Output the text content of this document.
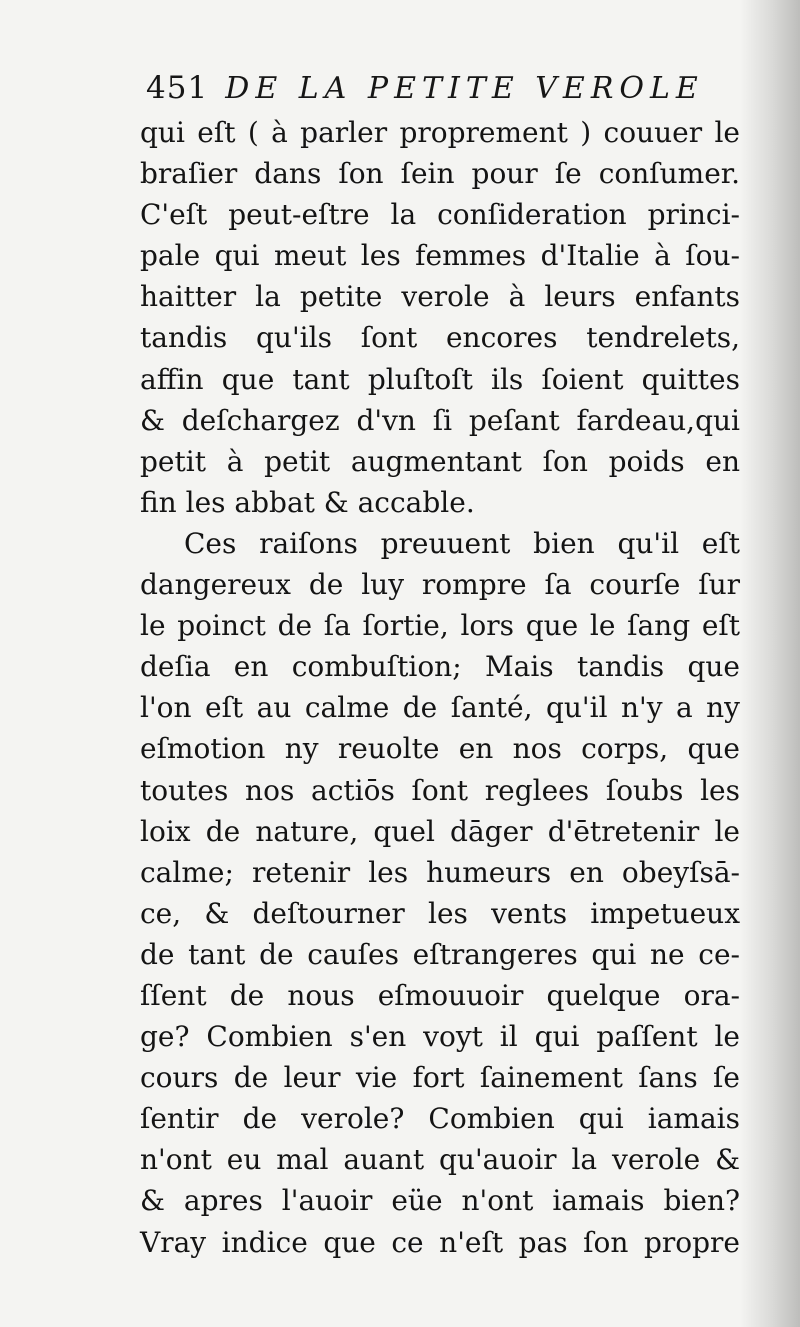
451 DE LA PETITE VEROLE
qui eſt ( à parler proprement ) couuer le
braſier dans ſon ſein pour ſe conſumer.
C'eſt peut-eſtre la conſideration princi-
pale qui meut les femmes d'Italie à ſou-
haitter la petite verole à leurs enfants
tandis qu'ils ſont encores tendrelets,
affin que tant pluſtoſt ils ſoient quittes
& deſchargez d'vn ſi peſant fardeau,qui
petit à petit augmentant ſon poids en
fin les abbat & accable.
Ces raiſons preuuent bien qu'il eſt
dangereux de luy rompre ſa courſe ſur
le poinct de ſa ſortie, lors que le ſang eſt
deſia en combuſtion; Mais tandis que
l'on eſt au calme de ſanté, qu'il n'y a ny
eſmotion ny reuolte en nos corps, que
toutes nos actiōs ſont reglees ſoubs les
loix de nature, quel dāger d'ētretenir le
calme; retenir les humeurs en obeyſsā-
ce, & deſtourner les vents impetueux
de tant de cauſes eſtrangeres qui ne ce-
ſſent de nous eſmouuoir quelque ora-
ge? Combien s'en voyt il qui paſſent le
cours de leur vie fort ſainement ſans ſe
ſentir de verole? Combien qui iamais
n'ont eu mal auant qu'auoir la verole &
& apres l'auoir eüe n'ont iamais bien?
Vray indice que ce n'eſt pas ſon propre
